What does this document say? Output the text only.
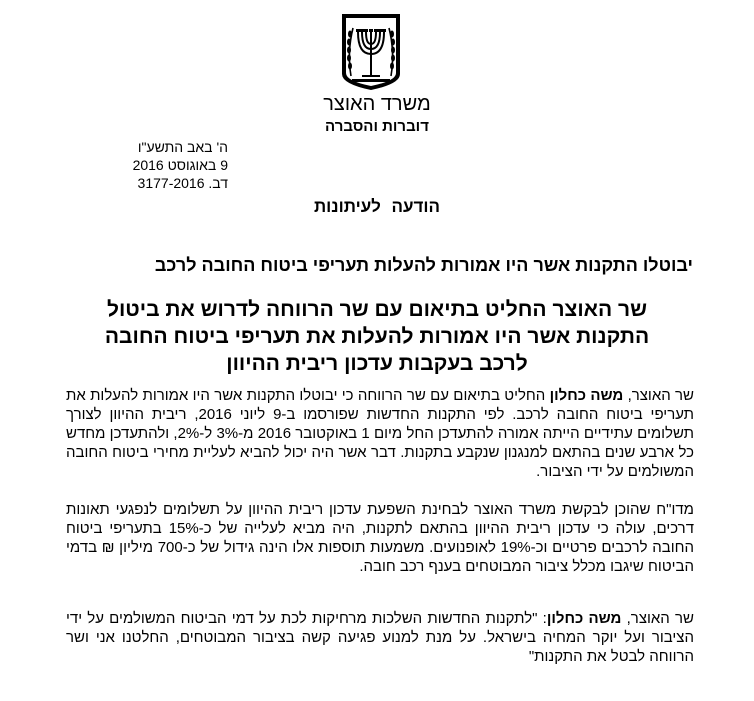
משרד האוצר
דוברות והסברה
ה' באב התשע"ו
9 באוגוסט 2016
דב. 3177-2016
הודעה לעיתונות
יבוטלו התקנות אשר היו אמורות להעלות תעריפי ביטוח החובה לרכב
שר האוצר החליט בתיאום עם שר הרווחה לדרוש את ביטול
התקנות אשר היו אמורות להעלות את תעריפי ביטוח החובה
לרכב בעקבות עדכון ריבית ההיוון
שר האוצר, משה כחלון החליט בתיאום עם שר הרווחה כי יבוטלו התקנות אשר היו אמורות להעלות את תעריפי ביטוח החובה לרכב. לפי התקנות החדשות שפורסמו ב-9 ליוני 2016, ריבית ההיוון לצורך תשלומים עתידיים הייתה אמורה להתעדכן החל מיום 1 באוקטובר 2016 מ-3% ל-2%, ולהתעדכן מחדש כל ארבע שנים בהתאם למנגנון שנקבע בתקנות. דבר אשר היה יכול להביא לעליית מחירי ביטוח החובה המשולמים על ידי הציבור.
מדו"ח שהוכן לבקשת משרד האוצר לבחינת השפעת עדכון ריבית ההיוון על תשלומים לנפגעי תאונות דרכים, עולה כי עדכון ריבית ההיוון בהתאם לתקנות, היה מביא לעלייה של כ-15% בתעריפי ביטוח החובה לרכבים פרטיים וכ-19% לאופנועים. משמעות תוספות אלו הינה גידול של כ-700 מיליון ₪ בדמי הביטוח שיגבו מכלל ציבור המבוטחים בענף רכב חובה.
שר האוצר, משה כחלון: "לתקנות החדשות השלכות מרחיקות לכת על דמי הביטוח המשולמים על ידי הציבור ועל יוקר המחיה בישראל. על מנת למנוע פגיעה קשה בציבור המבוטחים, החלטנו אני ושר הרווחה לבטל את התקנות"
